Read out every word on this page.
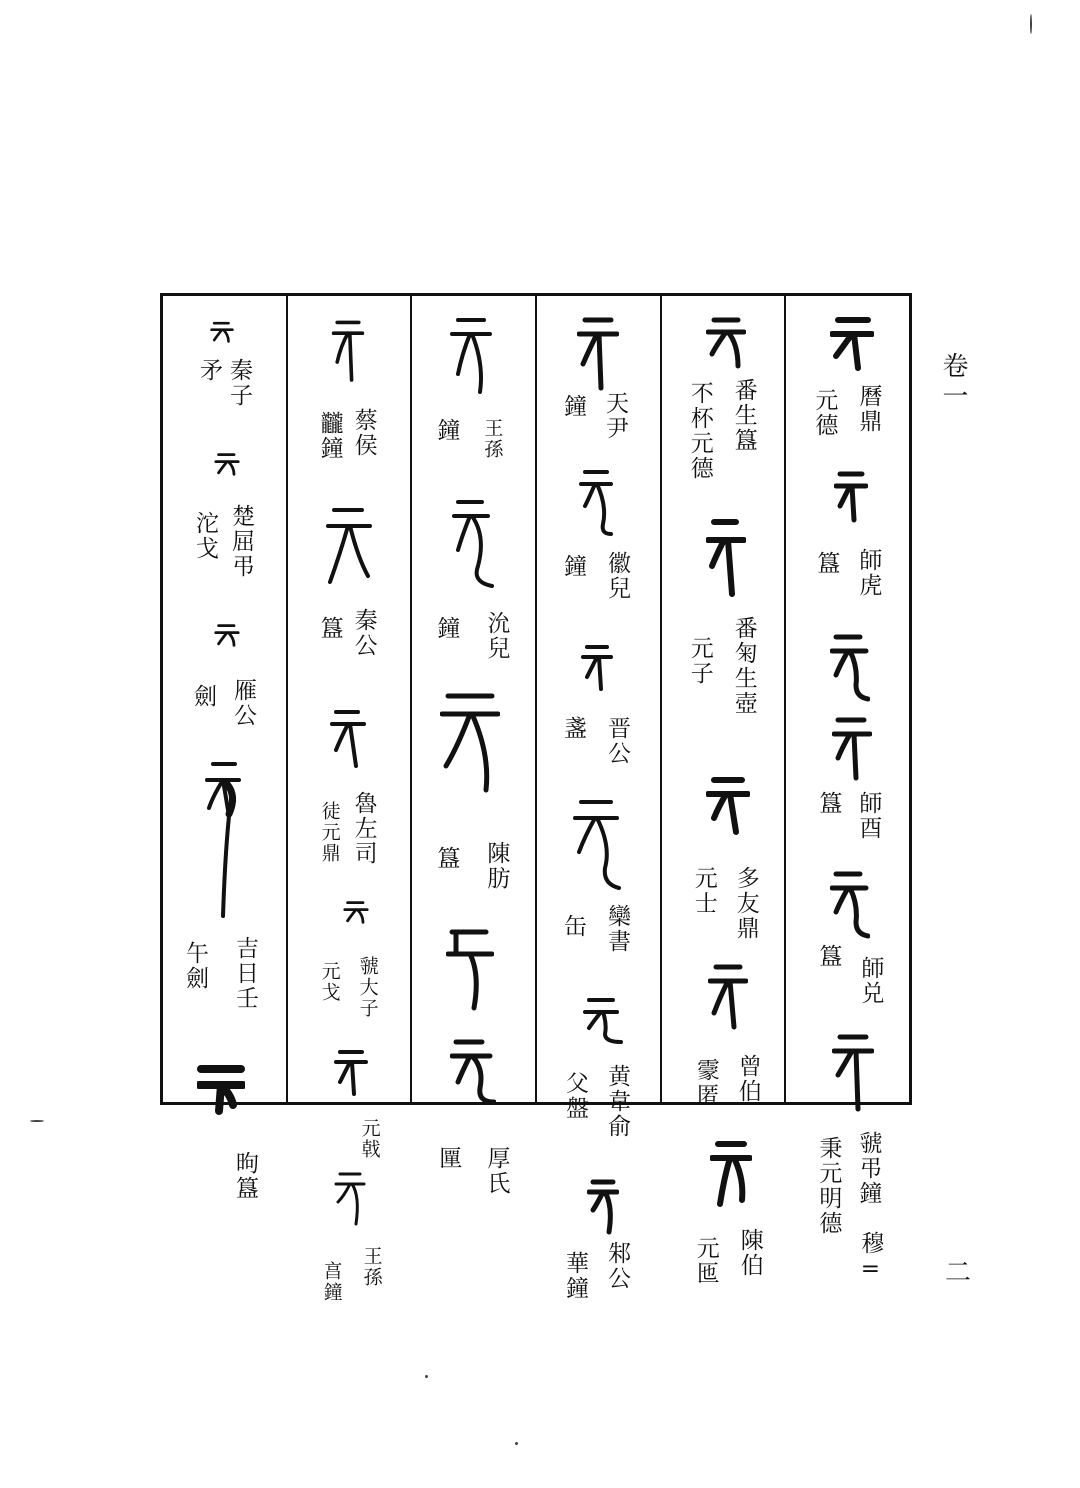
卷一
二
秦子
矛
楚屈弔
沱戈
雁公
劍
吉日壬
午劍
昫簋
蔡侯
龖鐘
秦公
簋
魯左司
徒元鼎
虢大子
元戈
元戟
王孫
亯鐘
王孫
鐘
沇兒
鐘
陳肪
簋
厚氏
匰
天尹
鐘
徽兒
鐘
晋公
盞
欒書
缶
黄韋俞
父盤
邾公
華鐘
番生簋
不杯元德
番匊生壺
元子
多友鼎
元士
曾伯
霥匿
陳伯
元匜
曆鼎
元德
師虎
簋
師酉
簋
師兑
簋
虢弔鐘
秉元明德
穆=
